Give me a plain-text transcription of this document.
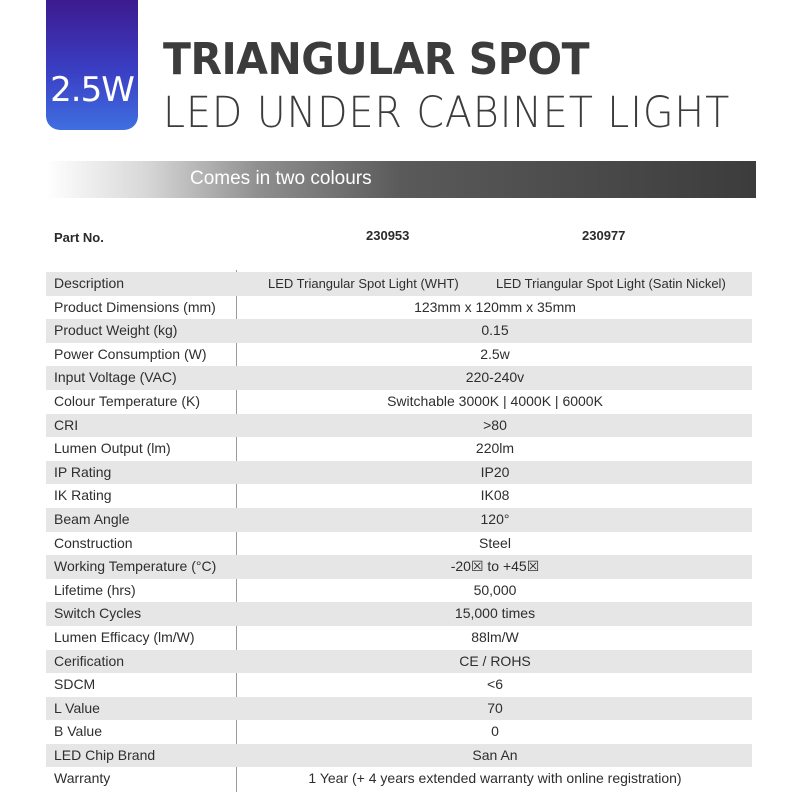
2.5W
TRIANGULAR SPOT
LED UNDER CABINET LIGHT
Comes in two colours
Part No.	230953	230977
Description	LED Triangular Spot Light (WHT)	LED Triangular Spot Light (Satin Nickel)
Product Dimensions (mm)	123mm x 120mm x 35mm
Product Weight (kg)	0.15
Power Consumption (W)	2.5w
Input Voltage (VAC)	220-240v
Colour Temperature (K)	Switchable 3000K | 4000K | 6000K
CRI	>80
Lumen Output (lm)	220lm
IP Rating	IP20
IK Rating	IK08
Beam Angle	120°
Construction	Steel
Working Temperature (°C)	-20☒ to +45☒
Lifetime (hrs)	50,000
Switch Cycles	15,000 times
Lumen Efficacy (lm/W)	88lm/W
Cerification	CE / ROHS
SDCM	<6
L Value	70
B Value	0
LED Chip Brand	San An
Warranty	1 Year (+ 4 years extended warranty with online registration)
